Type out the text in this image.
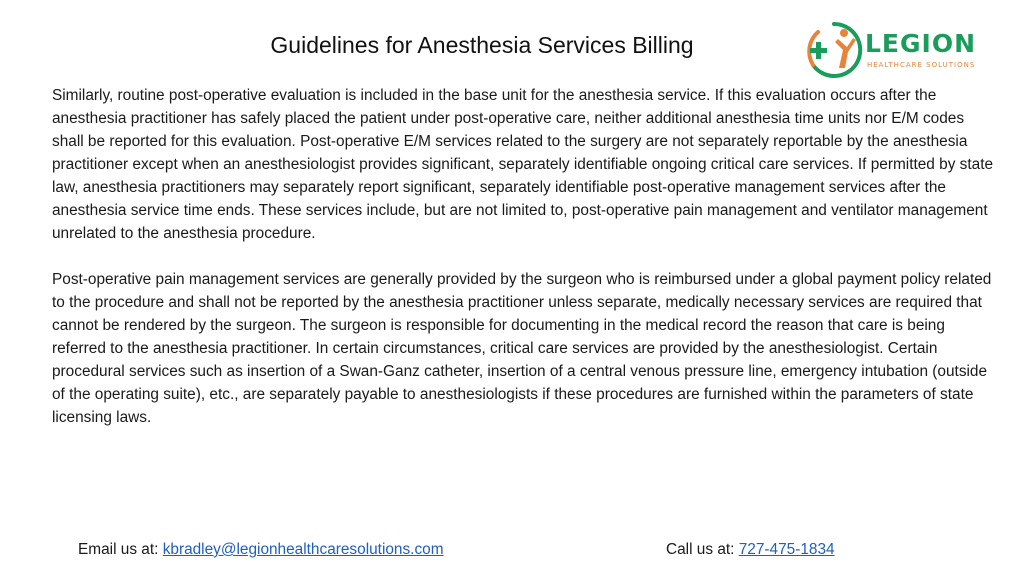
Guidelines for Anesthesia Services Billing	LEGION
HEALTHCARE SOLUTIONS

Similarly, routine post-operative evaluation is included in the base unit for the anesthesia service. If this evaluation occurs after the anesthesia practitioner has safely placed the patient under post-operative care, neither additional anesthesia time units nor E/M codes shall be reported for this evaluation. Post-operative E/M services related to the surgery are not separately reportable by the anesthesia practitioner except when an anesthesiologist provides significant, separately identifiable ongoing critical care services. If permitted by state law, anesthesia practitioners may separately report significant, separately identifiable post-operative management services after the anesthesia service time ends. These services include, but are not limited to, post-operative pain management and ventilator management unrelated to the anesthesia procedure.

Post-operative pain management services are generally provided by the surgeon who is reimbursed under a global payment policy related to the procedure and shall not be reported by the anesthesia practitioner unless separate, medically necessary services are required that cannot be rendered by the surgeon. The surgeon is responsible for documenting in the medical record the reason that care is being referred to the anesthesia practitioner. In certain circumstances, critical care services are provided by the anesthesiologist. Certain procedural services such as insertion of a Swan-Ganz catheter, insertion of a central venous pressure line, emergency intubation (outside of the operating suite), etc., are separately payable to anesthesiologists if these procedures are furnished within the parameters of state licensing laws.

Email us at: kbradley@legionhealthcaresolutions.com	Call us at: 727-475-1834
